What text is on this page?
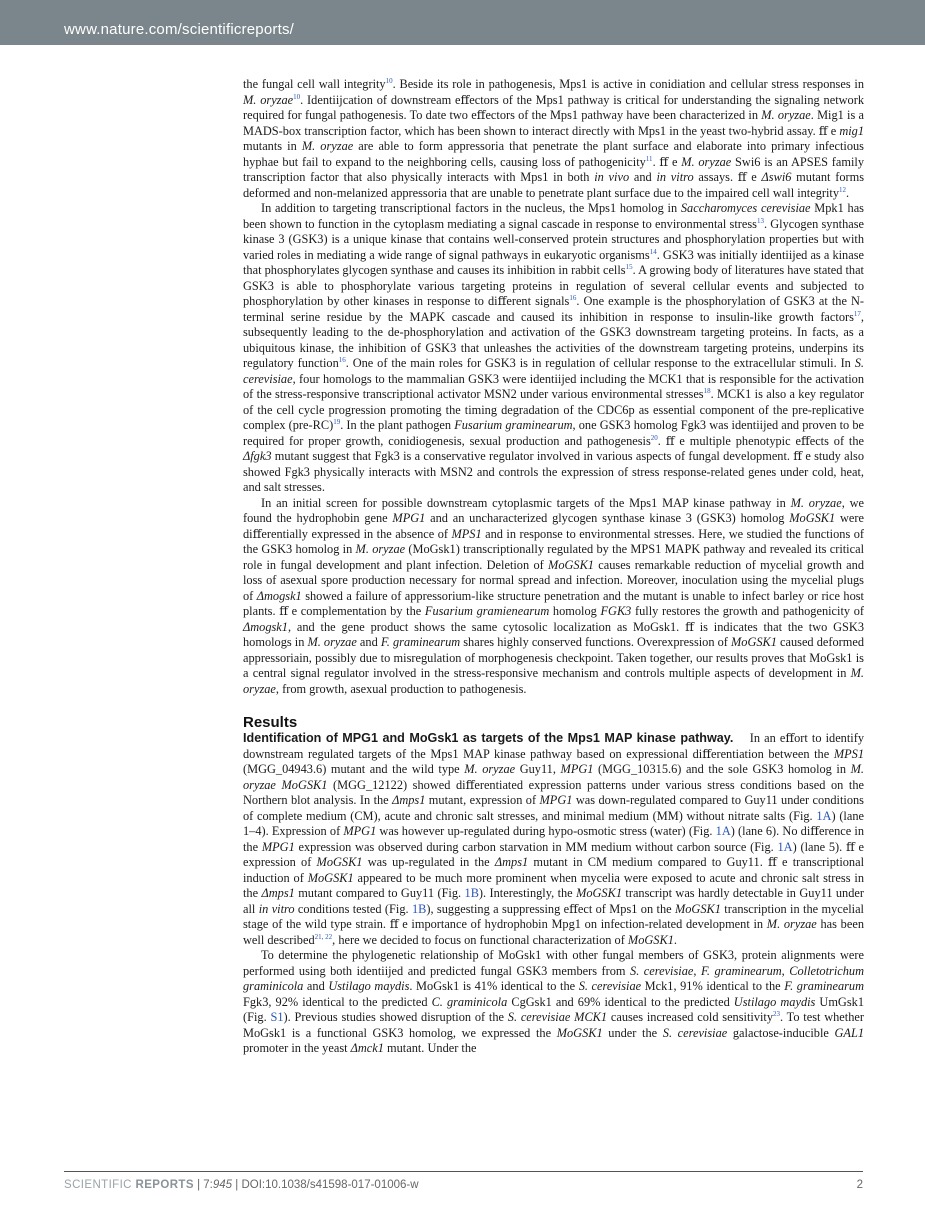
www.nature.com/scientificreports/

the fungal cell wall integrity$^{10}$. Beside its role in pathogenesis, Mps1 is active in conidiation and cellular stress responses in M. oryzae$^{10}$. Identiijcation of downstream eﬀectors of the Mps1 pathway is critical for understanding the signaling network required for fungal pathogenesis. To date two eﬀectors of the Mps1 pathway have been characterized in M. oryzae. Mig1 is a MADS-box transcription factor, which has been shown to interact directly with Mps1 in the yeast two-hybrid assay. ﬀ e mig1 mutants in M. oryzae are able to form appressoria that penetrate the plant surface and elaborate into primary infectious hyphae but fail to expand to the neighboring cells, causing loss of pathogenicity$^{11}$. ﬀ e M. oryzae Swi6 is an APSES family transcription factor that also physically interacts with Mps1 in both in vivo and in vitro assays. ﬀ e Δswi6 mutant forms deformed and non-melanized appressoria that are unable to penetrate plant surface due to the impaired cell wall integrity$^{12}$.

In addition to targeting transcriptional factors in the nucleus, the Mps1 homolog in Saccharomyces cerevisiae Mpk1 has been shown to function in the cytoplasm mediating a signal cascade in response to environmental stress$^{13}$. Glycogen synthase kinase 3 (GSK3) is a unique kinase that contains well-conserved protein structures and phosphorylation properties but with varied roles in mediating a wide range of signal pathways in eukaryotic organisms$^{14}$. GSK3 was initially identiijed as a kinase that phosphorylates glycogen synthase and causes its inhibition in rabbit cells$^{15}$. A growing body of literatures have stated that GSK3 is able to phosphorylate various targeting proteins in regulation of several cellular events and subjected to phosphorylation by other kinases in response to diﬀerent signals$^{16}$. One example is the phosphorylation of GSK3 at the N-terminal serine residue by the MAPK cascade and caused its inhibition in response to insulin-like growth factors$^{17}$, subsequently leading to the de-phosphorylation and activation of the GSK3 downstream targeting proteins. In facts, as a ubiquitous kinase, the inhibition of GSK3 that unleashes the activities of the downstream targeting proteins, underpins its regulatory function$^{16}$. One of the main roles for GSK3 is in regulation of cellular response to the extracellular stimuli. In S. cerevisiae, four homologs to the mammalian GSK3 were identiijed including the MCK1 that is responsible for the activation of the stress-responsive transcriptional activator MSN2 under various environmental stresses$^{18}$. MCK1 is also a key regulator of the cell cycle progression promoting the timing degradation of the CDC6p as essential component of the pre-replicative complex $(pre-RC)^{19}$. In the plant pathogen Fusarium graminearum, one GSK3 homolog Fgk3 was identiijed and proven to be required for proper growth, conidiogenesis, sexual production and pathogenesis$^{20}$. ﬀ e multiple phenotypic eﬀects of the Δfgk3 mutant suggest that Fgk3 is a conservative regulator involved in various aspects of fungal development. ﬀ e study also showed Fgk3 physically interacts with MSN2 and controls the expression of stress response-related genes under cold, heat, and salt stresses.

In an initial screen for possible downstream cytoplasmic targets of the Mps1 MAP kinase pathway in M. oryzae, we found the hydrophobin gene MPG1 and an uncharacterized glycogen synthase kinase 3 (GSK3) homolog MoGSK1 were diﬀerentially expressed in the absence of MPS1 and in response to environmental stresses. Here, we studied the functions of the GSK3 homolog in M. oryzae (MoGsk1) transcriptionally regulated by the MPS1 MAPK pathway and revealed its critical role in fungal development and plant infection. Deletion of MoGSK1 causes remarkable reduction of mycelial growth and loss of asexual spore production necessary for normal spread and infection. Moreover, inoculation using the mycelial plugs of Δmogsk1 showed a failure of appressorium-like structure penetration and the mutant is unable to infect barley or rice host plants. ﬀ e complementation by the Fusarium gramienearum homolog FGK3 fully restores the growth and pathogenicity of Δmogsk1, and the gene product shows the same cytosolic localization as MoGsk1. ﬀ is indicates that the two GSK3 homologs in M. oryzae and F. graminearum shares highly conserved functions. Overexpression of MoGSK1 caused deformed appressoriain, possibly due to misregulation of morphogenesis checkpoint. Taken together, our results proves that MoGsk1 is a central signal regulator involved in the stress-responsive mechanism and controls multiple aspects of development in M. oryzae, from growth, asexual production to pathogenesis.

Results

Identification of MPG1 and MoGsk1 as targets of the Mps1 MAP kinase pathway. In an eﬀort to identify downstream regulated targets of the Mps1 MAP kinase pathway based on expressional diﬀerentiation between the MPS1 (MGG_04943.6) mutant and the wild type M. oryzae Guy11, MPG1 (MGG_10315.6) and the sole GSK3 homolog in M. oryzae MoGSK1 (MGG_12122) showed diﬀerentiated expression patterns under various stress conditions based on the Northern blot analysis. In the Δmps1 mutant, expression of MPG1 was down-regulated compared to Guy11 under conditions of complete medium (CM), acute and chronic salt stresses, and minimal medium (MM) without nitrate salts (Fig. 1A) (lane 1–4). Expression of MPG1 was however up-regulated during hypo-osmotic stress (water) (Fig. 1A) (lane 6). No diﬀerence in the MPG1 expression was observed during carbon starvation in MM medium without carbon source (Fig. 1A) (lane 5). ﬀ e expression of MoGSK1 was up-regulated in the Δmps1 mutant in CM medium compared to Guy11. ﬀ e transcriptional induction of MoGSK1 appeared to be much more prominent when mycelia were exposed to acute and chronic salt stress in the Δmps1 mutant compared to Guy11 (Fig. 1B). Interestingly, the MoGSK1 transcript was hardly detectable in Guy11 under all in vitro conditions tested (Fig. 1B), suggesting a suppressing eﬀect of Mps1 on the MoGSK1 transcription in the mycelial stage of the wild type strain. ﬀ e importance of hydrophobin Mpg1 on infection-related development in M. oryzae has been well described$^{21, 22}$, here we decided to focus on functional characterization of MoGSK1.

To determine the phylogenetic relationship of MoGsk1 with other fungal members of GSK3, protein alignments were performed using both identiijed and predicted fungal GSK3 members from S. cerevisiae, F. graminearum, Colletotrichum graminicola and Ustilago maydis. MoGsk1 is 41% identical to the S. cerevisiae Mck1, 91% identical to the F. graminearum Fgk3, 92% identical to the predicted C. graminicola CgGsk1 and 69% identical to the predicted Ustilago maydis UmGsk1 (Fig. S1). Previous studies showed disruption of the S. cerevisiae MCK1 causes increased cold sensitivity$^{23}$. To test whether MoGsk1 is a functional GSK3 homolog, we expressed the MoGSK1 under the S. cerevisiae galactose-inducible GAL1 promoter in the yeast Δmck1 mutant. Under the

SCIENTIFIC REPORTS | 7:945 | DOI:10.1038/s41598-017-01006-w	2
